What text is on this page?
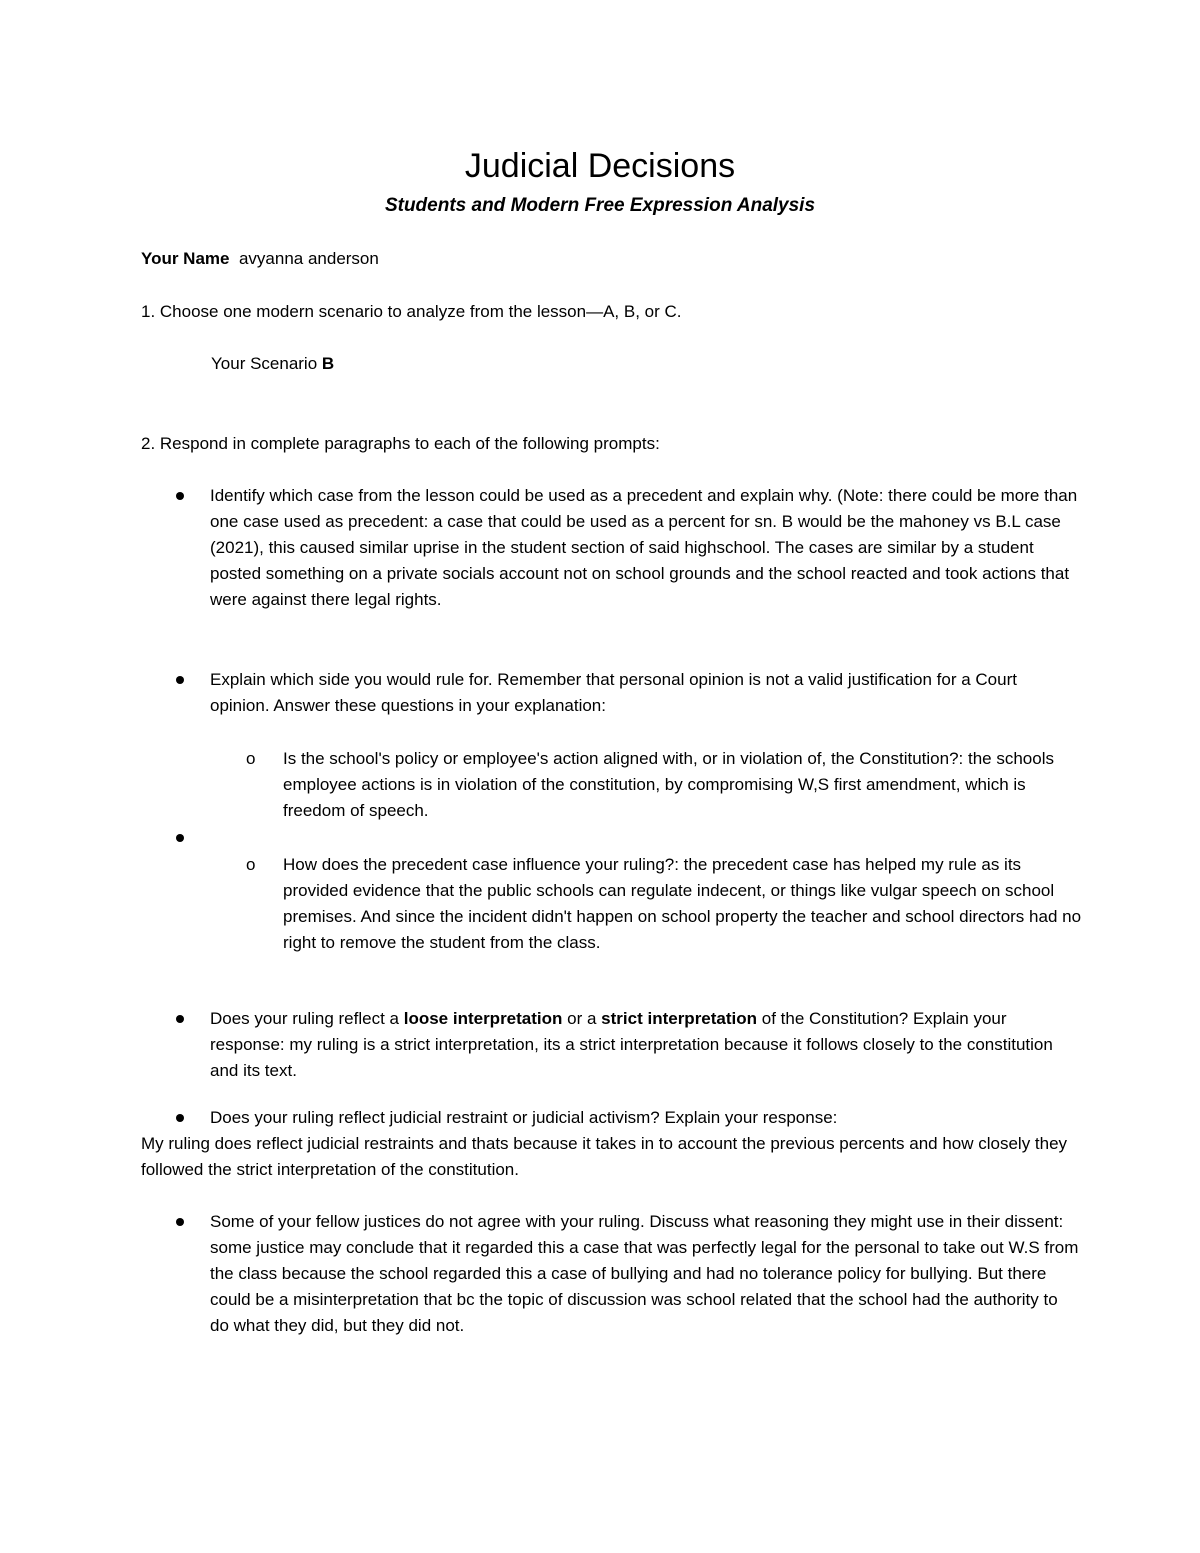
Judicial Decisions
Students and Modern Free Expression Analysis
Your Name avyanna anderson
1. Choose one modern scenario to analyze from the lesson—A, B, or C.
Your Scenario B
2. Respond in complete paragraphs to each of the following prompts:

Identify which case from the lesson could be used as a precedent and explain why. (Note: there could be more than one case used as precedent: a case that could be used as a percent for sn. B would be the mahoney vs B.L case (2021), this caused similar uprise in the student section of said highschool. The cases are similar by a student posted something on a private socials account not on school grounds and the school reacted and took actions that were against there legal rights.

Explain which side you would rule for. Remember that personal opinion is not a valid justification for a Court opinion. Answer these questions in your explanation:

o Is the school's policy or employee's action aligned with, or in violation of, the Constitution?: the schools employee actions is in violation of the constitution, by compromising W,S first amendment, which is freedom of speech.

o How does the precedent case influence your ruling?: the precedent case has helped my rule as its provided evidence that the public schools can regulate indecent, or things like vulgar speech on school premises. And since the incident didn't happen on school property the teacher and school directors had no right to remove the student from the class.

Does your ruling reflect a loose interpretation or a strict interpretation of the Constitution? Explain your response: my ruling is a strict interpretation, its a strict interpretation because it follows closely to the constitution and its text.

Does your ruling reflect judicial restraint or judicial activism? Explain your response:

My ruling does reflect judicial restraints and thats because it takes in to account the previous percents and how closely they followed the strict interpretation of the constitution.

Some of your fellow justices do not agree with your ruling. Discuss what reasoning they might use in their dissent: some justice may conclude that it regarded this a case that was perfectly legal for the personal to take out W.S from the class because the school regarded this a case of bullying and had no tolerance policy for bullying. But there could be a misinterpretation that bc the topic of discussion was school related that the school had the authority to do what they did, but they did not.
